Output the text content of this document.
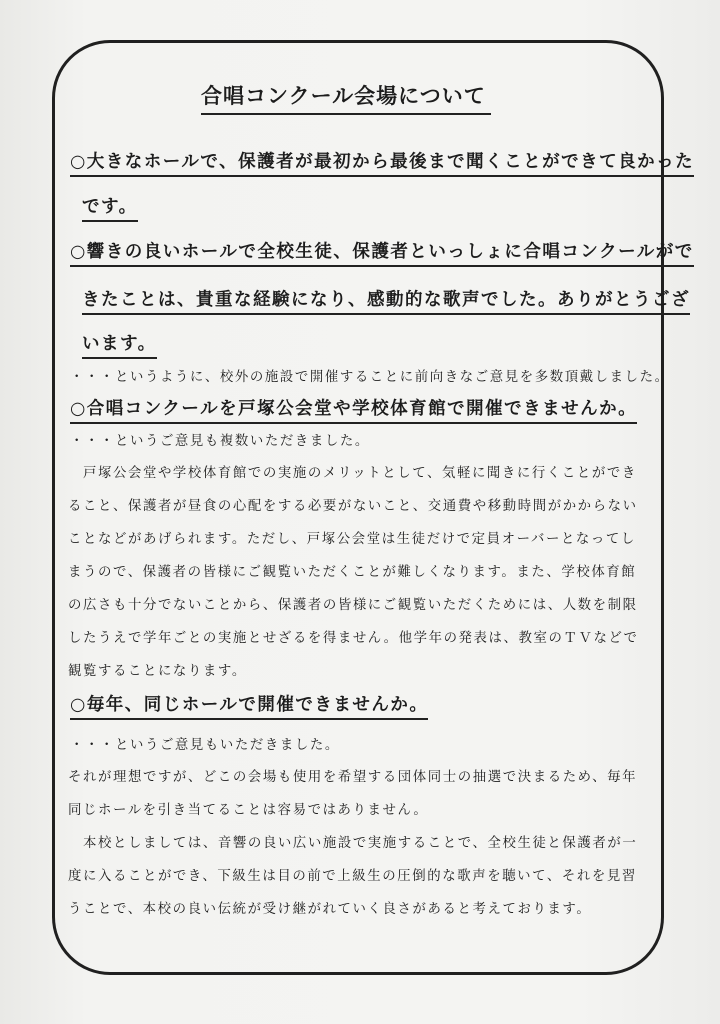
合唱コンクール会場について
○大きなホールで、保護者が最初から最後まで聞くことができて良かった
です。
○響きの良いホールで全校生徒、保護者といっしょに合唱コンクールがで
きたことは、貴重な経験になり、感動的な歌声でした。ありがとうござ
います。
・・・というように、校外の施設で開催することに前向きなご意見を多数頂戴しました。
○合唱コンクールを戸塚公会堂や学校体育館で開催できませんか。
・・・というご意見も複数いただきました。
　戸塚公会堂や学校体育館での実施のメリットとして、気軽に聞きに行くことができ
ること、保護者が昼食の心配をする必要がないこと、交通費や移動時間がかからない
ことなどがあげられます。ただし、戸塚公会堂は生徒だけで定員オーバーとなってし
まうので、保護者の皆様にご観覧いただくことが難しくなります。また、学校体育館
の広さも十分でないことから、保護者の皆様にご観覧いただくためには、人数を制限
したうえで学年ごとの実施とせざるを得ません。他学年の発表は、教室のＴＶなどで
観覧することになります。
○毎年、同じホールで開催できませんか。
・・・というご意見もいただきました。
それが理想ですが、どこの会場も使用を希望する団体同士の抽選で決まるため、毎年
同じホールを引き当てることは容易ではありません。
　本校としましては、音響の良い広い施設で実施することで、全校生徒と保護者が一
度に入ることができ、下級生は目の前で上級生の圧倒的な歌声を聴いて、それを見習
うことで、本校の良い伝統が受け継がれていく良さがあると考えております。
